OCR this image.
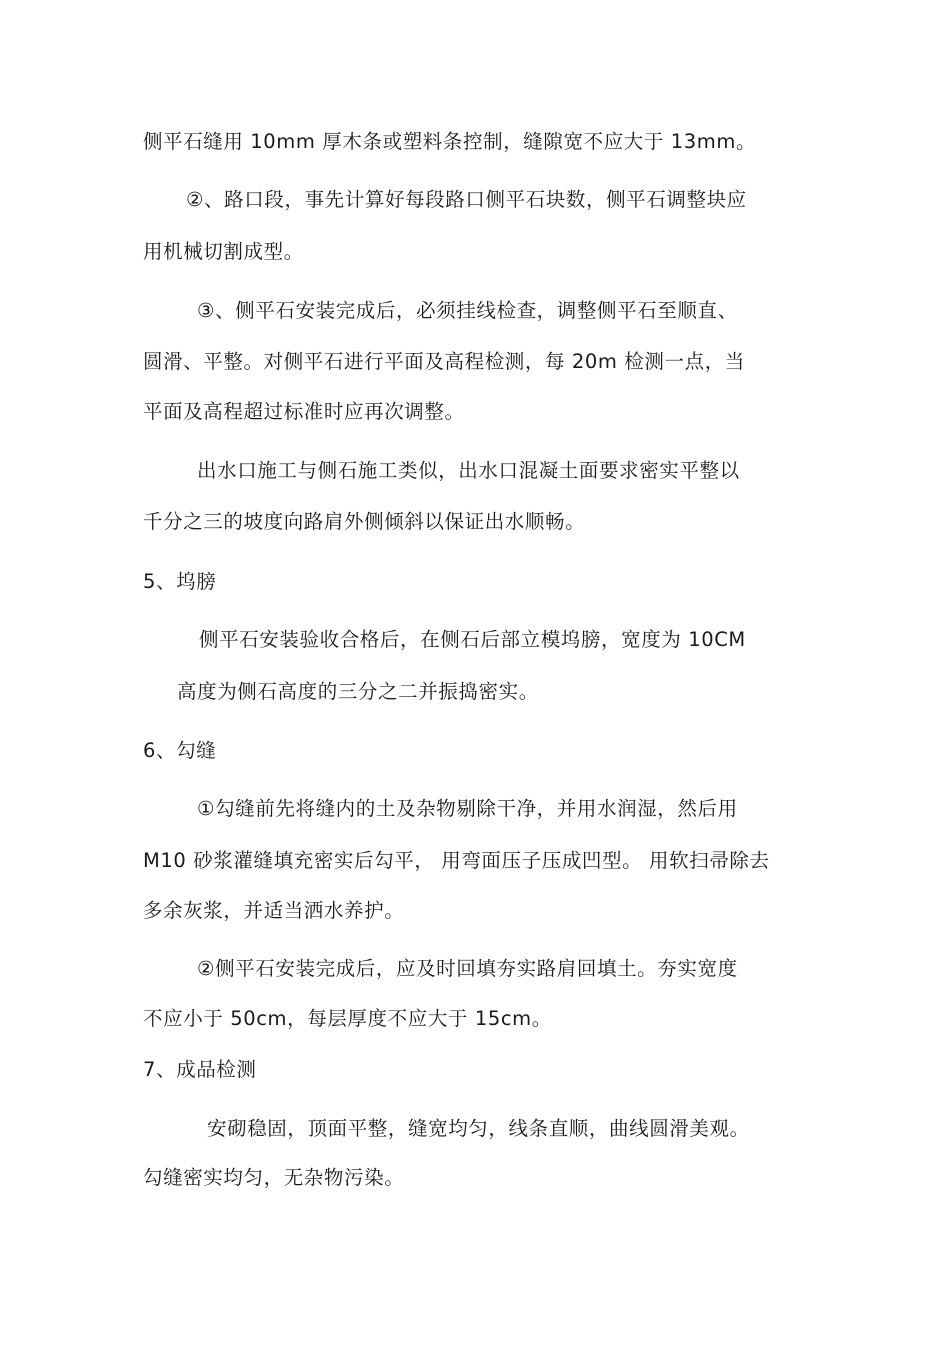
侧平石缝用 10mm 厚木条或塑料条控制，缝隙宽不应大于 13mm。

②、路口段，事先计算好每段路口侧平石块数，侧平石调整块应

用机械切割成型。

③、侧平石安装完成后，必须挂线检查，调整侧平石至顺直、

圆滑、平整。对侧平石进行平面及高程检测，每 20m 检测一点，当

平面及高程超过标准时应再次调整。

出水口施工与侧石施工类似，出水口混凝土面要求密实平整以

千分之三的坡度向路肩外侧倾斜以保证出水顺畅。

5、坞膀

侧平石安装验收合格后，在侧石后部立模坞膀，宽度为 10CM

高度为侧石高度的三分之二并振捣密实。

6、勾缝

①勾缝前先将缝内的土及杂物剔除干净，并用水润湿，然后用

M10 砂浆灌缝填充密实后勾平， 用弯面压子压成凹型。 用软扫帚除去

多余灰浆，并适当洒水养护。

②侧平石安装完成后，应及时回填夯实路肩回填土。夯实宽度

不应小于 50cm，每层厚度不应大于 15cm。

7、成品检测

安砌稳固，顶面平整，缝宽均匀，线条直顺，曲线圆滑美观。

勾缝密实均匀，无杂物污染。
